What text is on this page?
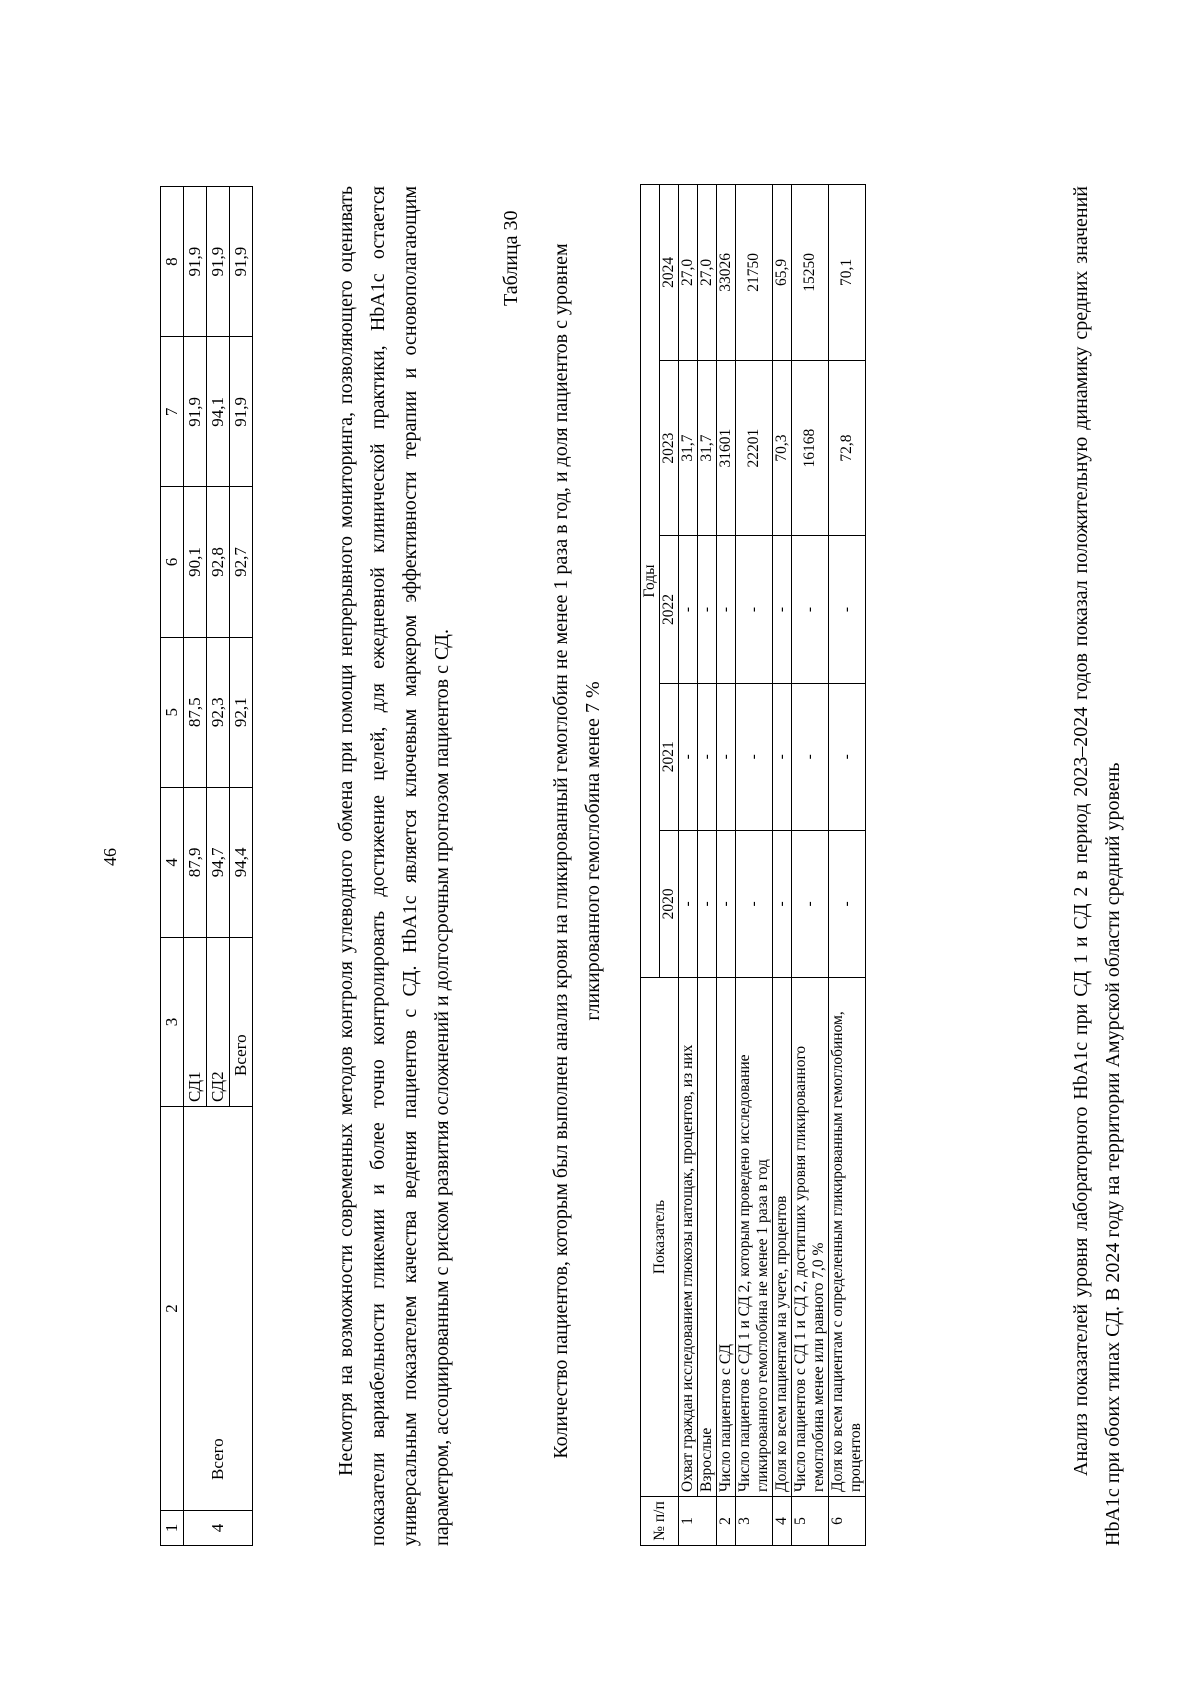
46
1	2	3	4	5	6	7	8
4	Всего	СД1	87,9	87,5	90,1	91,9	91,9
		СД2	94,7	92,3	92,8	94,1	91,9
		Всего	94,4	92,1	92,7	91,9	91,9	Несмотря на возможности современных методов контроля углеводного обмена при помощи непрерывного мониторинга, позволяющего оценивать показатели вариабельности гликемии и более точно контролировать достижение целей, для ежедневной клинической практики, HbA1c остается универсальным показателем качества ведения пациентов с СД. HbA1c является ключевым маркером эффективности терапии и основополагающим параметром, ассоциированным с риском развития осложнений и долгосрочным прогнозом пациентов с СД.

Таблица 30 Количество пациентов, которым был выполнен анализ крови на гликированный гемоглобин не менее 1 раза в год, и доля пациентов с уровнем гликированного гемоглобина менее 7 %

№ п/п	Показатель	Годы				
		2020	2021	2022	2023	2024
1	Охват граждан исследованием глюкозы натощак, процентов, из них	-	-	-	31,7	27,0
	Взрослые	-	-	-	31,7	27,0
2	Число пациентов с СД	-	-	-	31601	33026
3	Число пациентов с СД 1 и СД 2, которым проведено исследование гликированного гемоглобина не менее 1 раза в год	-	-	-	22201	21750
4	Доля ко всем пациентам на учете, процентов	-	-	-	70,3	65,9
5	Число пациентов с СД 1 и СД 2, достигших уровня гликированного гемоглобина менее или равного 7,0 %	-	-	-	16168	15250
6	Доля ко всем пациентам с определенным гликированным гемоглобином, процентов	-	-	-	72,8	70,1	Анализ показателей уровня лабораторного HbA1c при СД 1 и СД 2 в период 2023–2024 годов показал положительную динамику средних значений HbA1c при обоих типах СД. В 2024 году на территории Амурской области средний уровень
